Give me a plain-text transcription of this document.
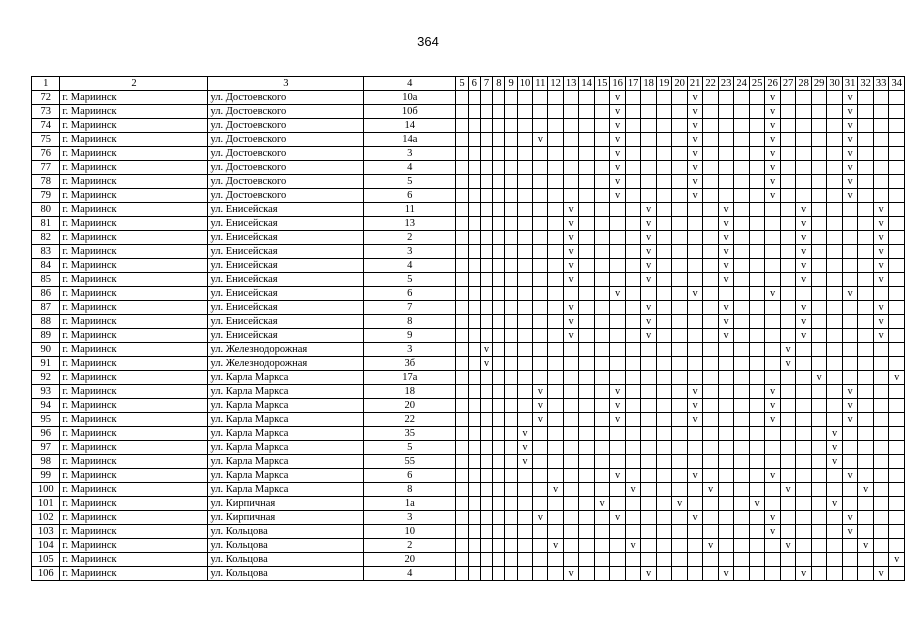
364
1	2	3	4	5	6	7	8	9	10	11	12	13	14	15	16	17	18	19	20	21	22	23	24	25	26	27	28	29	30	31	32	33	34
72	г. Мариинск	ул. Достоевского	10а												v					v					v					v			
73	г. Мариинск	ул. Достоевского	10б												v					v					v					v			
74	г. Мариинск	ул. Достоевского	14												v					v					v					v			
75	г. Мариинск	ул. Достоевского	14а							v					v					v					v					v			
76	г. Мариинск	ул. Достоевского	3												v					v					v					v			
77	г. Мариинск	ул. Достоевского	4												v					v					v					v			
78	г. Мариинск	ул. Достоевского	5												v					v					v					v			
79	г. Мариинск	ул. Достоевского	6												v					v					v					v			
80	г. Мариинск	ул. Енисейская	11									v					v					v					v					v	
81	г. Мариинск	ул. Енисейская	13									v					v					v					v					v	
82	г. Мариинск	ул. Енисейская	2									v					v					v					v					v	
83	г. Мариинск	ул. Енисейская	3									v					v					v					v					v	
84	г. Мариинск	ул. Енисейская	4									v					v					v					v					v	
85	г. Мариинск	ул. Енисейская	5									v					v					v					v					v	
86	г. Мариинск	ул. Енисейская	6												v					v					v					v			
87	г. Мариинск	ул. Енисейская	7									v					v					v					v					v	
88	г. Мариинск	ул. Енисейская	8									v					v					v					v					v	
89	г. Мариинск	ул. Енисейская	9									v					v					v					v					v	
90	г. Мариинск	ул. Железнодорожная	3			v																				v							
91	г. Мариинск	ул. Железнодорожная	3б			v																				v							
92	г. Мариинск	ул. Карла Маркса	17а																									v					v
93	г. Мариинск	ул. Карла Маркса	18							v					v					v					v					v			
94	г. Мариинск	ул. Карла Маркса	20							v					v					v					v					v			
95	г. Мариинск	ул. Карла Маркса	22							v					v					v					v					v			
96	г. Мариинск	ул. Карла Маркса	35						v																				v				
97	г. Мариинск	ул. Карла Маркса	5						v																				v				
98	г. Мариинск	ул. Карла Маркса	55						v																				v				
99	г. Мариинск	ул. Карла Маркса	6												v					v					v					v			
100	г. Мариинск	ул. Карла Маркса	8								v					v					v					v					v		
101	г. Мариинск	ул. Кирпичная	1а											v					v					v					v				
102	г. Мариинск	ул. Кирпичная	3							v					v					v					v					v			
103	г. Мариинск	ул. Кольцова	10																						v					v			
104	г. Мариинск	ул. Кольцова	2								v					v					v					v					v		
105	г. Мариинск	ул. Кольцова	20																														v
106	г. Мариинск	ул. Кольцова	4									v					v					v					v					v	
